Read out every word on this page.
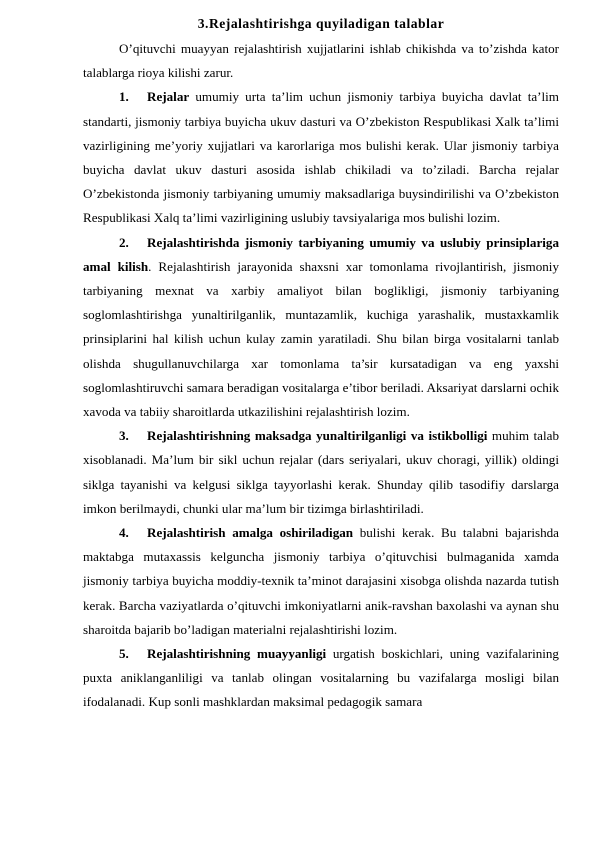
3.Rejalashtirishga quyiladigan talablar

O’qituvchi muayyan rejalashtirish xujjatlarini ishlab chikishda va to’zishda kator talablarga rioya kilishi zarur.

1. Rejalar umumiy urta ta’lim uchun jismoniy tarbiya buyicha davlat ta’lim standarti, jismoniy tarbiya buyicha ukuv dasturi va O’zbekiston Respublikasi Xalk ta’limi vazirligining me’yoriy xujjatlari va karorlariga mos bulishi kerak. Ular jismoniy tarbiya buyicha davlat ukuv dasturi asosida ishlab chikiladi va to’ziladi. Barcha rejalar O’zbekistonda jismoniy tarbiyaning umumiy maksadlariga buysindirilishi va O’zbekiston Respublikasi Xalq ta’limi vazirligining uslubiy tavsiyalariga mos bulishi lozim.

2. Rejalashtirishda jismoniy tarbiyaning umumiy va uslubiy prinsiplariga amal kilish. Rejalashtirish jarayonida shaxsni xar tomonlama rivojlantirish, jismoniy tarbiyaning mexnat va xarbiy amaliyot bilan boglikligi, jismoniy tarbiyaning soglomlashtirishga yunaltirilganlik, muntazamlik, kuchiga yarashalik, mustaxkamlik prinsiplarini hal kilish uchun kulay zamin yaratiladi. Shu bilan birga vositalarni tanlab olishda shugullanuvchilarga xar tomonlama ta’sir kursatadigan va eng yaxshi soglomlashtiruvchi samara beradigan vositalarga e’tibor beriladi. Aksariyat darslarni ochik xavoda va tabiiy sharoitlarda utkazilishini rejalashtirish lozim.

3. Rejalashtirishning maksadga yunaltirilganligi va istikbolligi muhim talab xisoblanadi. Ma’lum bir sikl uchun rejalar (dars seriyalari, ukuv choragi, yillik) oldingi siklga tayanishi va kelgusi siklga tayyorlashi kerak. Shunday qilib tasodifiy darslarga imkon berilmaydi, chunki ular ma’lum bir tizimga birlashtiriladi.

4. Rejalashtirish amalga oshiriladigan bulishi kerak. Bu talabni bajarishda maktabga mutaxassis kelguncha jismoniy tarbiya o’qituvchisi bulmaganida xamda jismoniy tarbiya buyicha moddiy-texnik ta’minot darajasini xisobga olishda nazarda tutish kerak. Barcha vaziyatlarda o’qituvchi imkoniyatlarni anik-ravshan baxolashi va aynan shu sharoitda bajarib bo’ladigan materialni rejalashtirishi lozim.

5. Rejalashtirishning muayyanligi urgatish boskichlari, uning vazifalarining puxta aniklanganliligi va tanlab olingan vositalarning bu vazifalarga mosligi bilan ifodalanadi. Kup sonli mashklardan maksimal pedagogik samara
